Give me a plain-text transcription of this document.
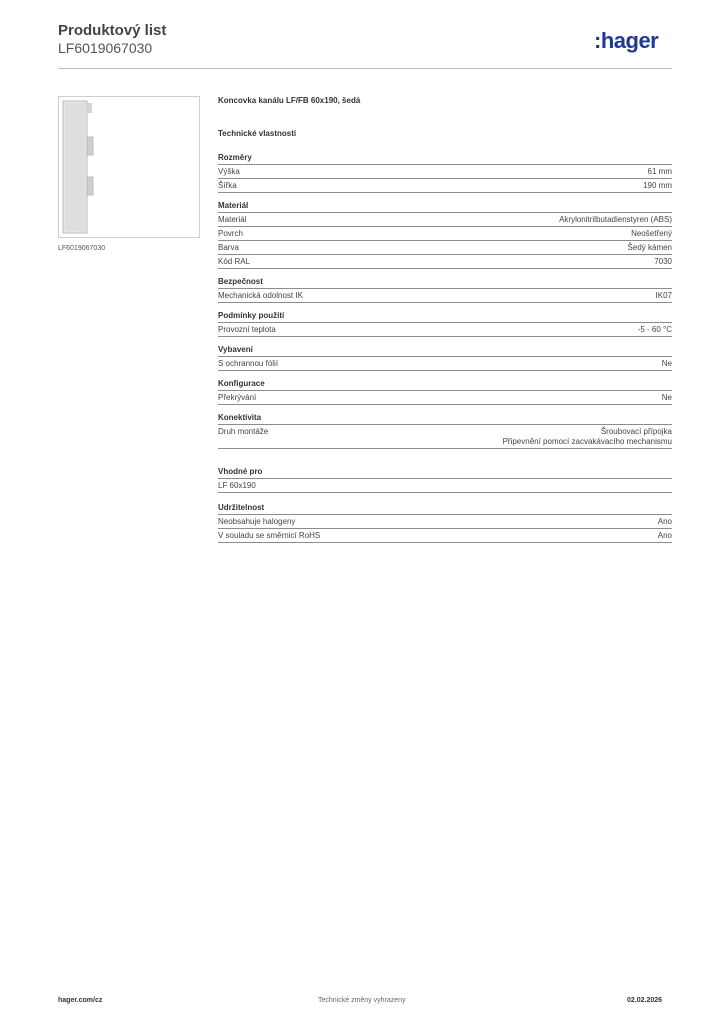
Produktový list
LF6019067030	:hager
LF6019067030
Koncovka kanálu LF/FB 60x190, šedá
Technické vlastnosti
Rozměry
Výška	61 mm
Šířka	190 mm
Materiál
Materiál	Akrylonitrilbutadienstyren (ABS)
Povrch	Neošetřený
Barva	Šedý kámen
Kód RAL	7030
Bezpečnost
Mechanická odolnost IK	IK07
Podmínky použití
Provozní teplota	-5 - 60 °C
Vybavení
S ochrannou fólií	Ne
Konfigurace
Překrývání	Ne
Konektivita
Druh montáže	Šroubovací přípojka
Připevnění pomocí zacvakávacího mechanismu
Vhodné pro
LF 60x190
Udržitelnost
Neobsahuje halogeny	Ano
V souladu se směrnicí RoHS	Ano
hager.com/cz	Technické změny vyhrazeny	02.02.2026
